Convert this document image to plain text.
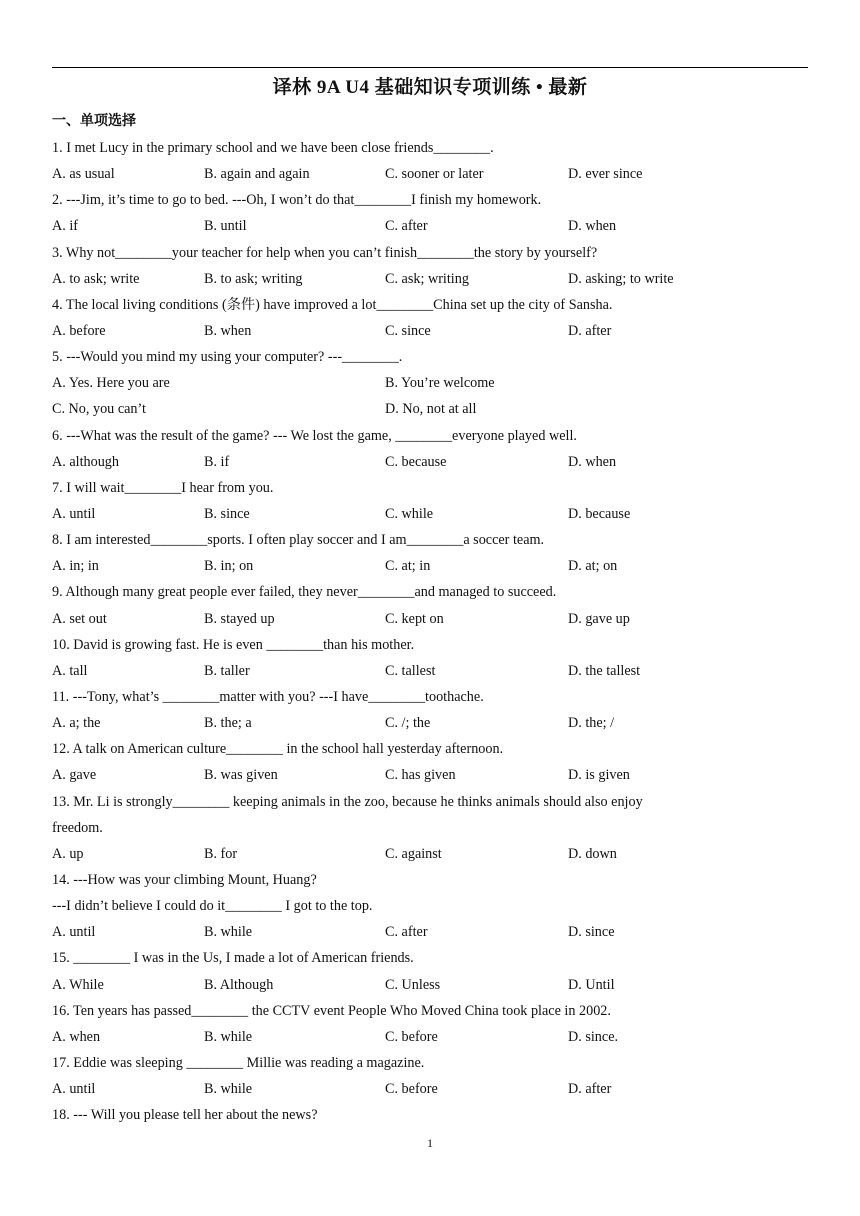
译林 9A U4 基础知识专项训练 • 最新
一、单项选择
1. I met Lucy in the primary school and we have been close friends________.
A. as usual	B. again and again	C. sooner or later	D. ever since
2. ---Jim, it’s time to go to bed. ---Oh, I won’t do that________I finish my homework.
A. if	B. until	C. after	D. when
3. Why not________your teacher for help when you can’t finish________the story by yourself?
A. to ask; write	B. to ask; writing	C. ask; writing	D. asking; to write
4. The local living conditions (条件) have improved a lot________China set up the city of Sansha.
A. before	B. when	C. since	D. after
5. ---Would you mind my using your computer? ---________.
A. Yes. Here you are	B. You’re welcome
C. No, you can’t	D. No, not at all
6. ---What was the result of the game? --- We lost the game, ________everyone played well.
A. although	B. if	C. because	D. when
7. I will wait________I hear from you.
A. until	B. since	C. while	D. because
8. I am interested________sports. I often play soccer and I am________a soccer team.
A. in; in	B. in; on	C. at; in	D. at; on
9. Although many great people ever failed, they never________and managed to succeed.
A. set out	B. stayed up	C. kept on	D. gave up
10. David is growing fast. He is even ________than his mother.
A. tall	B. taller	C. tallest	D. the tallest
11. ---Tony, what’s ________matter with you? ---I have________toothache.
A. a; the	B. the; a	C. /; the	D. the; /
12. A talk on American culture________ in the school hall yesterday afternoon.
A. gave	B. was given	C. has given	D. is given
13. Mr. Li is strongly________ keeping animals in the zoo, because he thinks animals should also enjoy
freedom.
A. up	B. for	C. against	D. down
14. ---How was your climbing Mount, Huang?
---I didn’t believe I could do it________ I got to the top.
A. until	B. while	C. after	D. since
15. ________ I was in the Us, I made a lot of American friends.
A. While	B. Although	C. Unless	D. Until
16. Ten years has passed________ the CCTV event People Who Moved China took place in 2002.
A. when	B. while	C. before	D. since.
17. Eddie was sleeping ________ Millie was reading a magazine.
A. until	B. while	C. before	D. after
18. --- Will you please tell her about the news?
1
